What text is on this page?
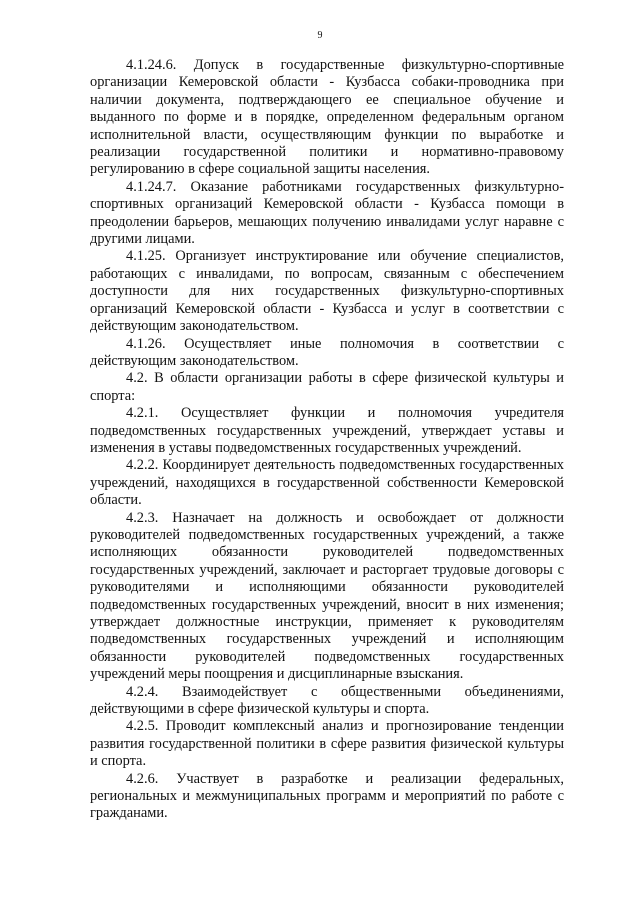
9

4.1.24.6. Допуск в государственные физкультурно-спортивные организации Кемеровской области - Кузбасса собаки-проводника при наличии документа, подтверждающего ее специальное обучение и выданного по форме и в порядке, определенном федеральным органом исполнительной власти, осуществляющим функции по выработке и реализации государственной политики и нормативно-правовому регулированию в сфере социальной защиты населения.

4.1.24.7. Оказание работниками государственных физкультурно-спортивных организаций Кемеровской области - Кузбасса помощи в преодолении барьеров, мешающих получению инвалидами услуг наравне с другими лицами.

4.1.25. Организует инструктирование или обучение специалистов, работающих с инвалидами, по вопросам, связанным с обеспечением доступности для них государственных физкультурно-спортивных организаций Кемеровской области - Кузбасса и услуг в соответствии с действующим законодательством.

4.1.26. Осуществляет иные полномочия в соответствии с действующим законодательством.

4.2. В области организации работы в сфере физической культуры и спорта:

4.2.1. Осуществляет функции и полномочия учредителя подведомственных государственных учреждений, утверждает уставы и изменения в уставы подведомственных государственных учреждений.

4.2.2. Координирует деятельность подведомственных государственных учреждений, находящихся в государственной собственности Кемеровской области.

4.2.3. Назначает на должность и освобождает от должности руководителей подведомственных государственных учреждений, а также исполняющих обязанности руководителей подведомственных государственных учреждений, заключает и расторгает трудовые договоры с руководителями и исполняющими обязанности руководителей подведомственных государственных учреждений, вносит в них изменения; утверждает должностные инструкции, применяет к руководителям подведомственных государственных учреждений и исполняющим обязанности руководителей подведомственных государственных учреждений меры поощрения и дисциплинарные взыскания.

4.2.4. Взаимодействует с общественными объединениями, действующими в сфере физической культуры и спорта.

4.2.5. Проводит комплексный анализ и прогнозирование тенденции развития государственной политики в сфере развития физической культуры и спорта.

4.2.6. Участвует в разработке и реализации федеральных, региональных и межмуниципальных программ и мероприятий по работе с гражданами.
